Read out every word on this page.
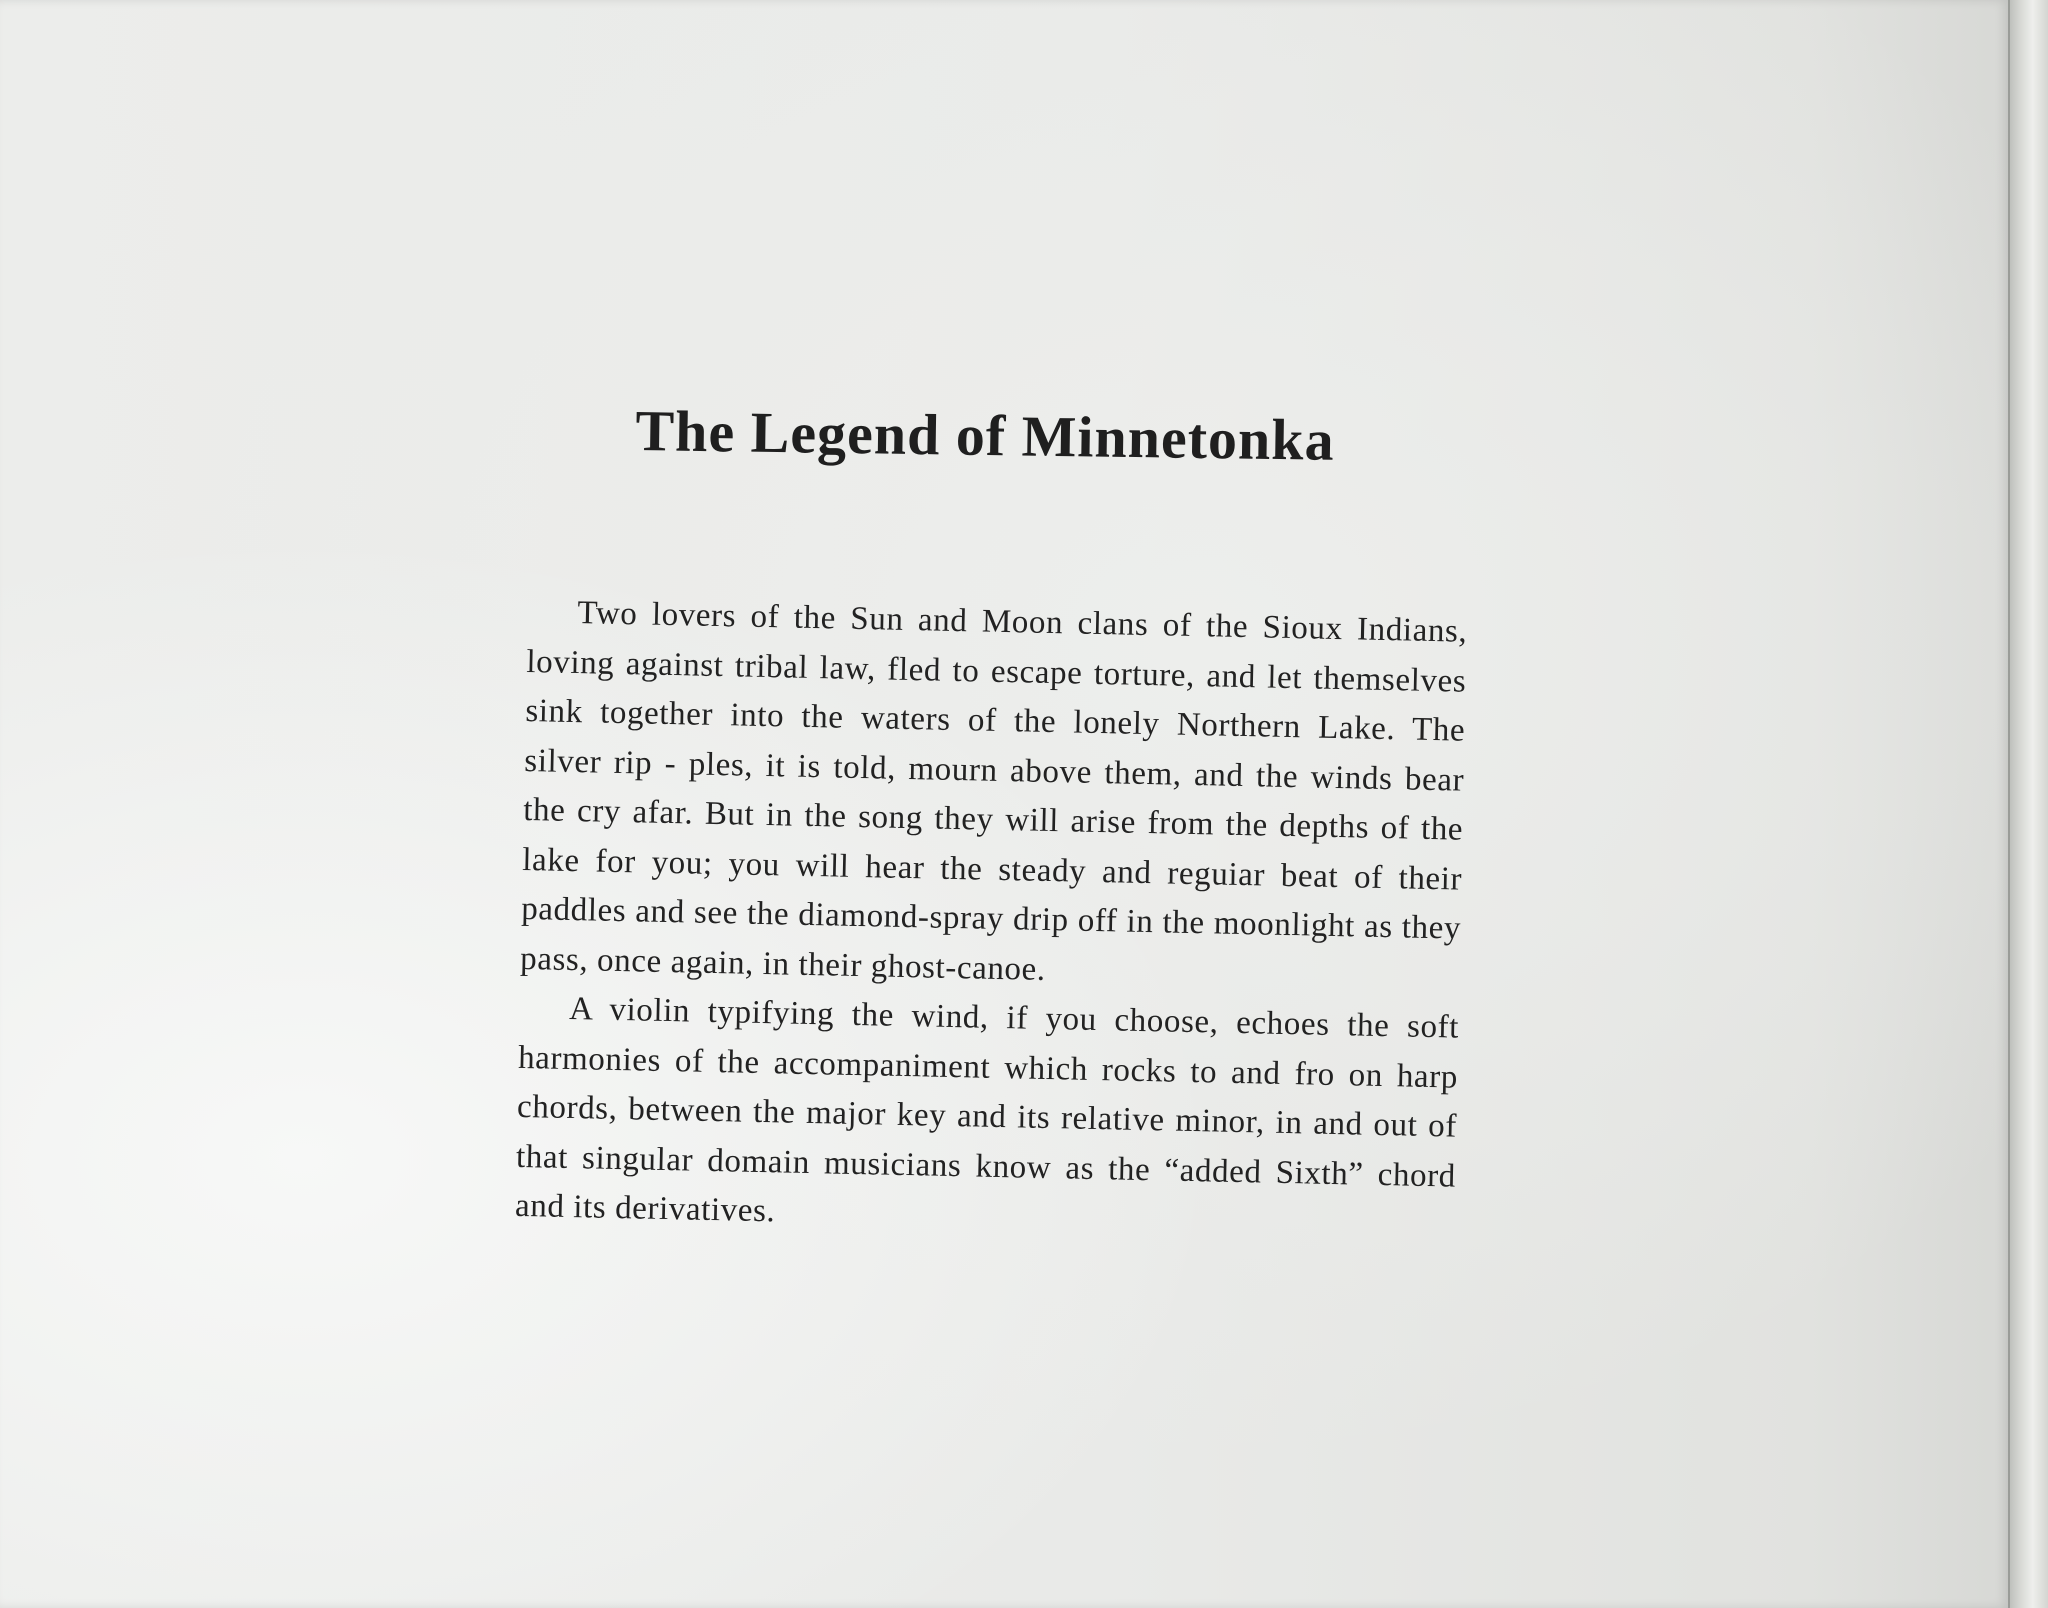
The Legend of Minnetonka

Two lovers of the Sun and Moon clans of the Sioux Indians, loving against tribal law, fled to escape torture, and let themselves sink together into the waters of the lonely Northern Lake. The silver rip - ples, it is told, mourn above them, and the winds bear the cry afar. But in the song they will arise from the depths of the lake for you; you will hear the steady and reguiar beat of their paddles and see the diamond-spray drip off in the moonlight as they pass, once again, in their ghost-canoe.

A violin typifying the wind, if you choose, echoes the soft harmonies of the accompaniment which rocks to and fro on harp chords, between the major key and its relative minor, in and out of that singular domain musicians know as the “added Sixth” chord and its derivatives.
